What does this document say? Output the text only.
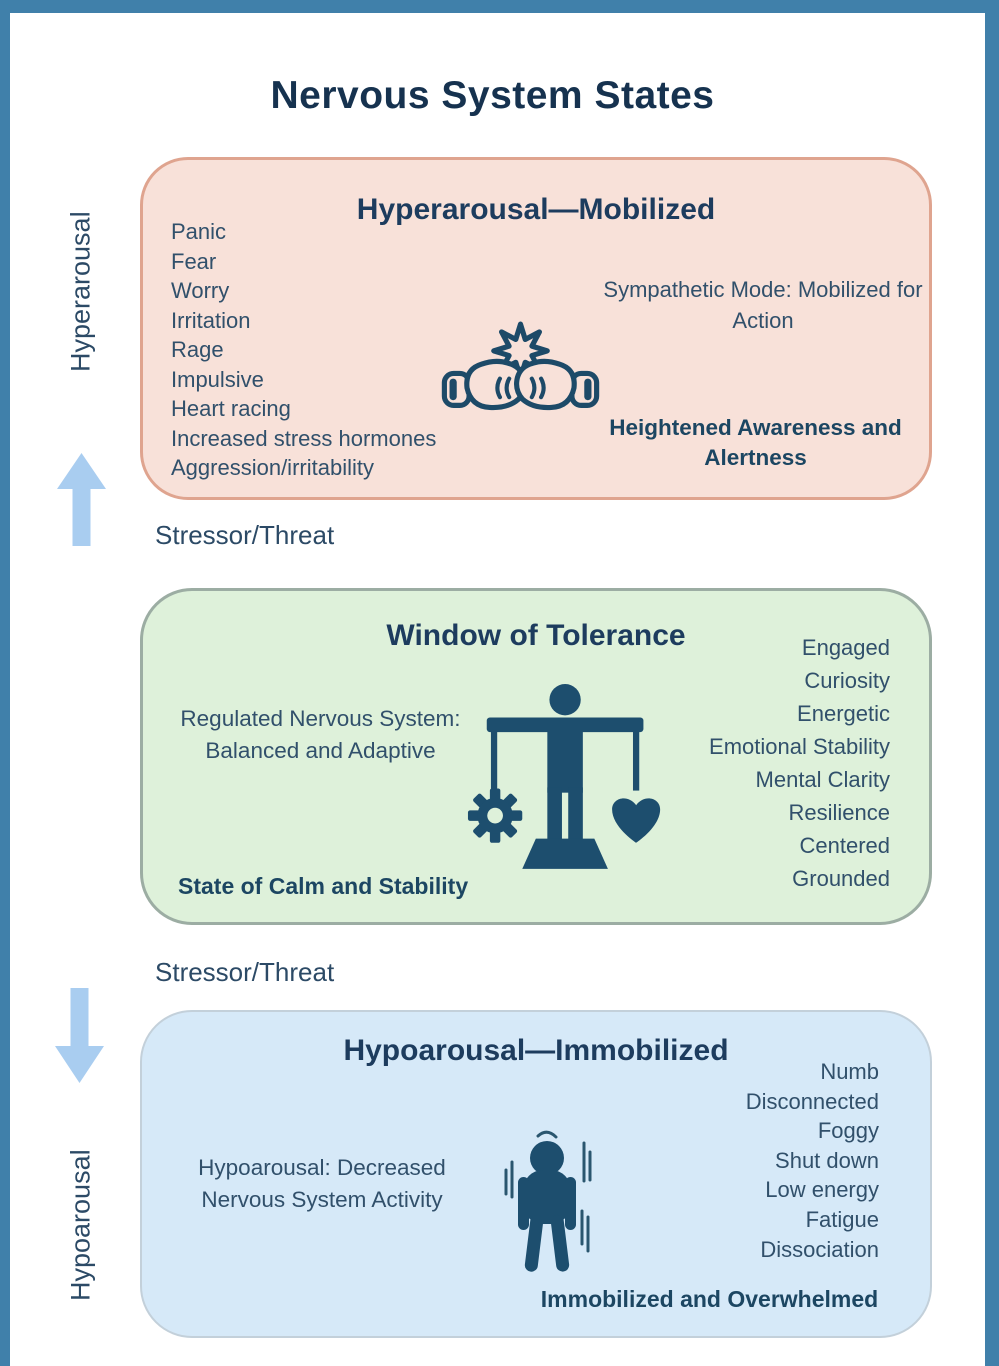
Nervous System States
Hyperarousal
Hyperarousal—Mobilized
Panic
Fear
Worry
Irritation
Rage
Impulsive
Heart racing
Increased stress hormones
Aggression/irritability
Sympathetic Mode: Mobilized for Action
Heightened Awareness and Alertness
Stressor/Threat
Window of Tolerance
Regulated Nervous System: Balanced and Adaptive
Engaged
Curiosity
Energetic
Emotional Stability
Mental Clarity
Resilience
Centered
Grounded
State of Calm and Stability
Stressor/Threat
Hypoarousal
Hypoarousal—Immobilized
Numb
Disconnected
Foggy
Shut down
Low energy
Fatigue
Dissociation
Hypoarousal: Decreased Nervous System Activity
Immobilized and Overwhelmed
